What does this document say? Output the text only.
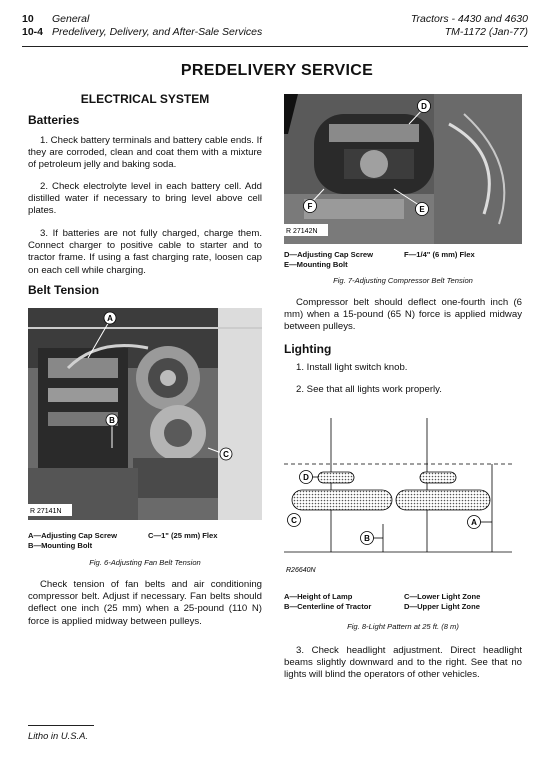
10 General
10-4 Predelivery, Delivery, and After-Sale Services
Tractors - 4430 and 4630
TM-1172 (Jan-77)
PREDELIVERY SERVICE
ELECTRICAL SYSTEM
Batteries

1. Check battery terminals and battery cable ends. If they are corroded, clean and coat them with a mixture of petroleum jelly and baking soda.

2. Check electrolyte level in each battery cell. Add distilled water if necessary to bring level above cell plates.

3. If batteries are not fully charged, charge them. Connect charger to positive cable to starter and to tractor frame. If using a fast charging rate, loosen cap on each cell while charging.

Belt Tension
R 27141N
A
B
C
A—Adjusting Cap Screw
B—Mounting Bolt
C—1" (25 mm) Flex
Fig. 6-Adjusting Fan Belt Tension

Check tension of fan belts and air conditioning compressor belt. Adjust if necessary. Fan belts should deflect one inch (25 mm) when a 25-pound (110 N) force is applied midway between pulleys.

R 27142N
D
E
F
D—Adjusting Cap Screw
E—Mounting Bolt
F—1/4" (6 mm) Flex
Fig. 7-Adjusting Compressor Belt Tension

Compressor belt should deflect one-fourth inch (6 mm) when a 15-pound (65 N) force is applied midway between pulleys.

Lighting

1. Install light switch knob.

2. See that all lights work properly.

D
C
B
A
R26640N
A—Height of Lamp
B—Centerline of Tractor
C—Lower Light Zone
D—Upper Light Zone
Fig. 8-Light Pattern at 25 ft. (8 m)

3. Check headlight adjustment. Direct headlight beams slightly downward and to the right. See that no lights will blind the operators of other vehicles.

Litho in U.S.A.
